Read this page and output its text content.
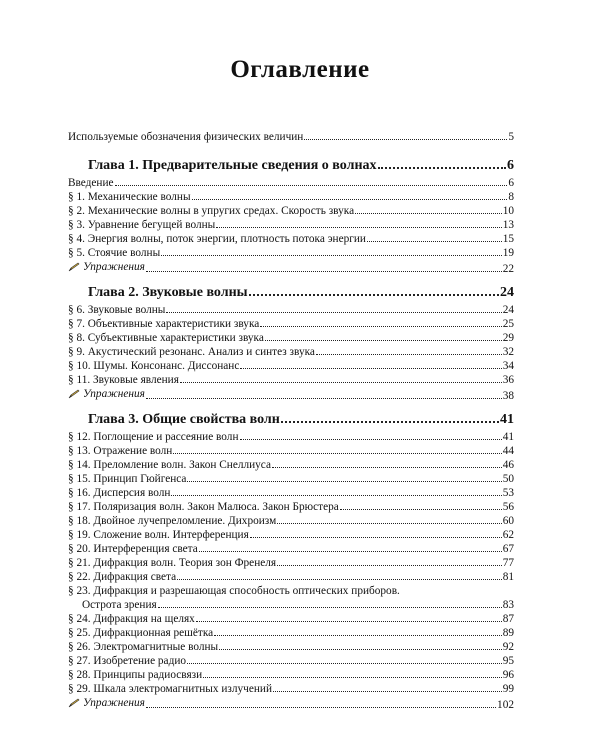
Оглавление
Используемые обозначения физических величин	5
Глава 1. Предварительные сведения о волнах	6
Введение	6
§ 1. Механические волны	8
§ 2. Механические волны в упругих средах. Скорость звука	10
§ 3. Уравнение бегущей волны	13
§ 4. Энергия волны, поток энергии, плотность потока энергии	15
§ 5. Стоячие волны	19
Упражнения	22
Глава 2. Звуковые волны	24
§ 6. Звуковые волны	24
§ 7. Объективные характеристики звука	25
§ 8. Субъективные характеристики звука	29
§ 9. Акустический резонанс. Анализ и синтез звука	32
§ 10. Шумы. Консонанс. Диссонанс	34
§ 11. Звуковые явления	36
Упражнения	38
Глава 3. Общие свойства волн	41
§ 12. Поглощение и рассеяние волн	41
§ 13. Отражение волн	44
§ 14. Преломление волн. Закон Снеллиуса	46
§ 15. Принцип Гюйгенса	50
§ 16. Дисперсия волн	53
§ 17. Поляризация волн. Закон Малюса. Закон Брюстера	56
§ 18. Двойное лучепреломление. Дихроизм	60
§ 19. Сложение волн. Интерференция	62
§ 20. Интерференция света	67
§ 21. Дифракция волн. Теория зон Френеля	77
§ 22. Дифракция света	81
§ 23. Дифракция и разрешающая способность оптических приборов.
Острота зрения	83
§ 24. Дифракция на щелях	87
§ 25. Дифракционная решётка	89
§ 26. Электромагнитные волны	92
§ 27. Изобретение радио	95
§ 28. Принципы радиосвязи	96
§ 29. Шкала электромагнитных излучений	99
Упражнения	102
